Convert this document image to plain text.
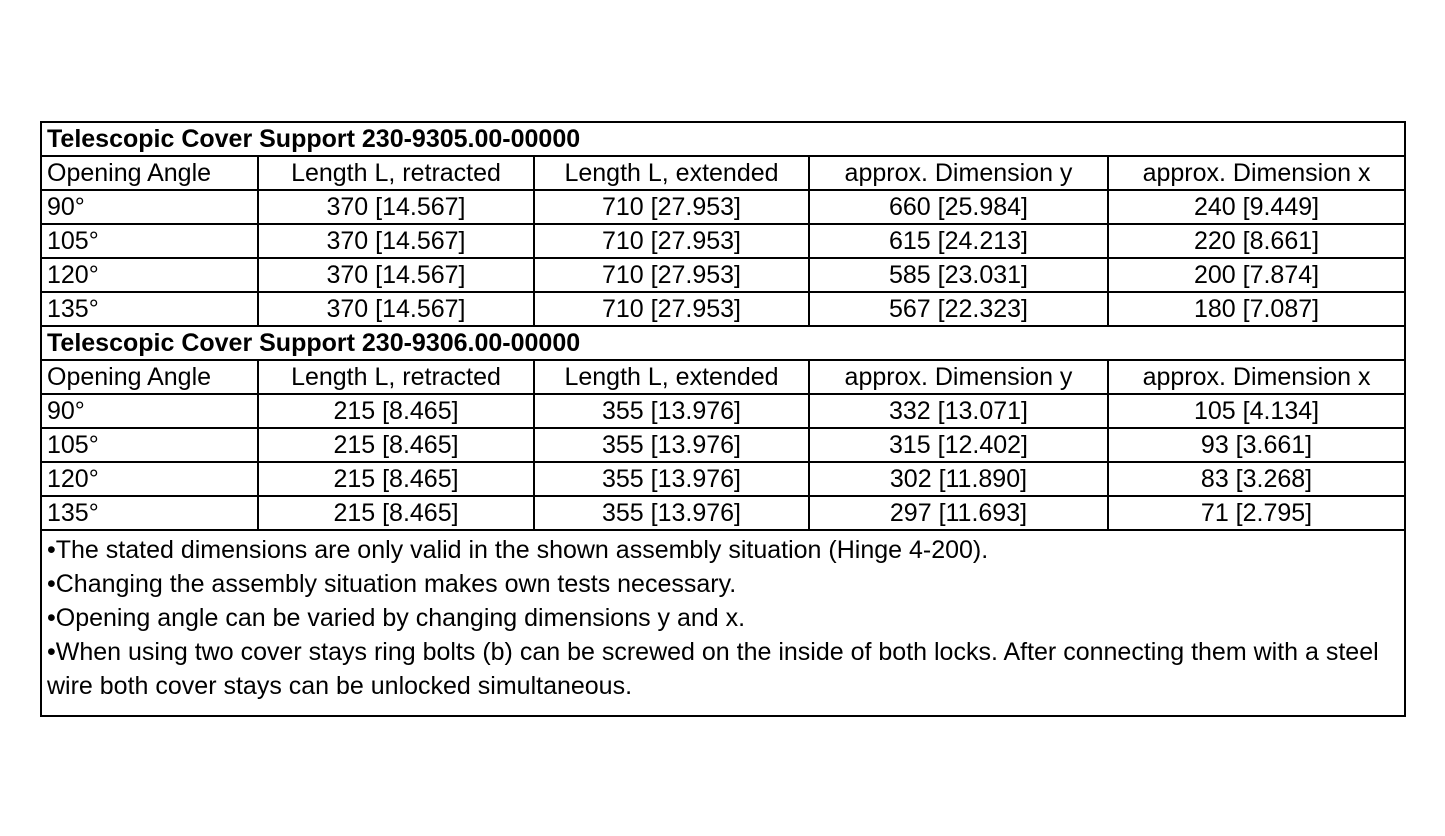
Telescopic Cover Support 230-9305.00-00000				
Opening Angle	Length L, retracted	Length L, extended	approx. Dimension y	approx. Dimension x
90°	370 [14.567]	710 [27.953]	660 [25.984]	240 [9.449]
105°	370 [14.567]	710 [27.953]	615 [24.213]	220 [8.661]
120°	370 [14.567]	710 [27.953]	585 [23.031]	200 [7.874]
135°	370 [14.567]	710 [27.953]	567 [22.323]	180 [7.087]
Telescopic Cover Support 230-9306.00-00000				
Opening Angle	Length L, retracted	Length L, extended	approx. Dimension y	approx. Dimension x
90°	215 [8.465]	355 [13.976]	332 [13.071]	105 [4.134]
105°	215 [8.465]	355 [13.976]	315 [12.402]	93 [3.661]
120°	215 [8.465]	355 [13.976]	302 [11.890]	83 [3.268]
135°	215 [8.465]	355 [13.976]	297 [11.693]	71 [2.795]

•The stated dimensions are only valid in the shown assembly situation (Hinge 4-200).
•Changing the assembly situation makes own tests necessary.
•Opening angle can be varied by changing dimensions y and x.
•When using two cover stays ring bolts (b) can be screwed on the inside of both locks. After connecting them with a steel wire both cover stays can be unlocked simultaneous.				
